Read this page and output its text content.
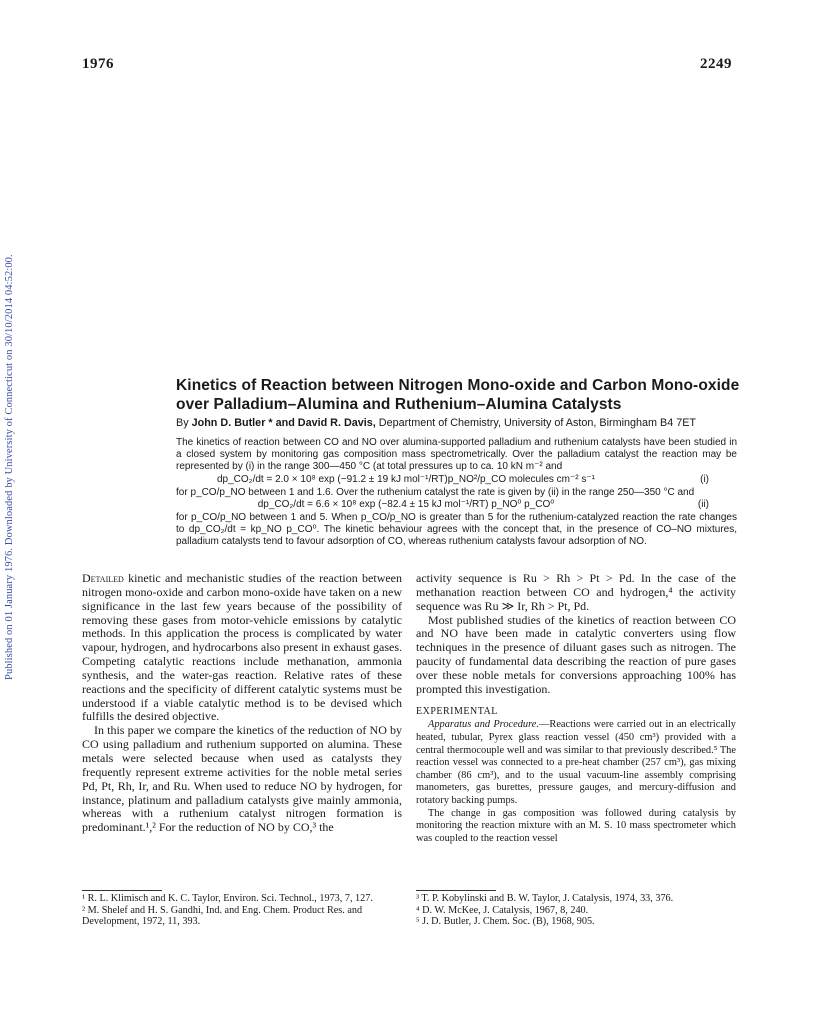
1976	2249
Published on 01 January 1976. Downloaded by University of Connecticut on 30/10/2014 04:52:00.	Kinetics of Reaction between Nitrogen Mono-oxide and Carbon Mono-oxide over Palladium–Alumina and Ruthenium–Alumina Catalysts
By John D. Butler * and David R. Davis, Department of Chemistry, University of Aston, Birmingham B4 7ET

The kinetics of reaction between CO and NO over alumina-supported palladium and ruthenium catalysts have been studied in a closed system by monitoring gas composition mass spectrometrically. Over the palladium catalyst the reaction may be represented by (i) in the range 300—450 °C (at total pressures up to ca. 10 kN m⁻² and

dp_CO₂/dt = 2.0 × 10⁸ exp (−91.2 ± 19 kJ mol⁻¹/RT)p_NO²/p_CO molecules cm⁻² s⁻¹	(i)

for p_CO/p_NO between 1 and 1.6. Over the ruthenium catalyst the rate is given by (ii) in the range 250—350 °C and

dp_CO₂/dt = 6.6 × 10⁸ exp (−82.4 ± 15 kJ mol⁻¹/RT) p_NO⁰ p_CO⁰	(ii)

for p_CO/p_NO between 1 and 5. When p_CO/p_NO is greater than 5 for the ruthenium-catalyzed reaction the rate changes to dp_CO₂/dt = kp_NO p_CO⁰. The kinetic behaviour agrees with the concept that, in the presence of CO–NO mixtures, palladium catalysts tend to favour adsorption of CO, whereas ruthenium catalysts favour adsorption of NO.

Detailed kinetic and mechanistic studies of the reaction between nitrogen mono-oxide and carbon mono-oxide have taken on a new significance in the last few years because of the possibility of removing these gases from motor-vehicle emissions by catalytic methods. In this application the process is complicated by water vapour, hydrogen, and hydrocarbons also present in exhaust gases. Competing catalytic reactions include methanation, ammonia synthesis, and the water-gas reaction. Relative rates of these reactions and the specificity of different catalytic systems must be understood if a viable catalytic method is to be devised which fulfills the desired objective.

In this paper we compare the kinetics of the reduction of NO by CO using palladium and ruthenium supported on alumina. These metals were selected because when used as catalysts they frequently represent extreme activities for the noble metal series Pd, Pt, Rh, Ir, and Ru. When used to reduce NO by hydrogen, for instance, platinum and palladium catalysts give mainly ammonia, whereas with a ruthenium catalyst nitrogen formation is predominant.¹,² For the reduction of NO by CO,³ the

activity sequence is Ru > Rh > Pt > Pd. In the case of the methanation reaction between CO and hydrogen,⁴ the activity sequence was Ru ≫ Ir, Rh > Pt, Pd.

Most published studies of the kinetics of reaction between CO and NO have been made in catalytic converters using flow techniques in the presence of diluant gases such as nitrogen. The paucity of fundamental data describing the reaction of pure gases over these noble metals for conversions approaching 100% has prompted this investigation.

EXPERIMENTAL

Apparatus and Procedure.—Reactions were carried out in an electrically heated, tubular, Pyrex glass reaction vessel (450 cm³) provided with a central thermocouple well and was similar to that previously described.⁵ The reaction vessel was connected to a pre-heat chamber (257 cm³), gas mixing chamber (86 cm³), and to the usual vacuum-line assembly comprising manometers, gas burettes, pressure gauges, and mercury-diffusion and rotatory backing pumps.

The change in gas composition was followed during catalysis by monitoring the reaction mixture with an M. S. 10 mass spectrometer which was coupled to the reaction vessel

¹ R. L. Klimisch and K. C. Taylor, Environ. Sci. Technol., 1973, 7, 127.

² M. Shelef and H. S. Gandhi, Ind. and Eng. Chem. Product Res. and Development, 1972, 11, 393.

³ T. P. Kobylinski and B. W. Taylor, J. Catalysis, 1974, 33, 376.

⁴ D. W. McKee, J. Catalysis, 1967, 8, 240.

⁵ J. D. Butler, J. Chem. Soc. (B), 1968, 905.
